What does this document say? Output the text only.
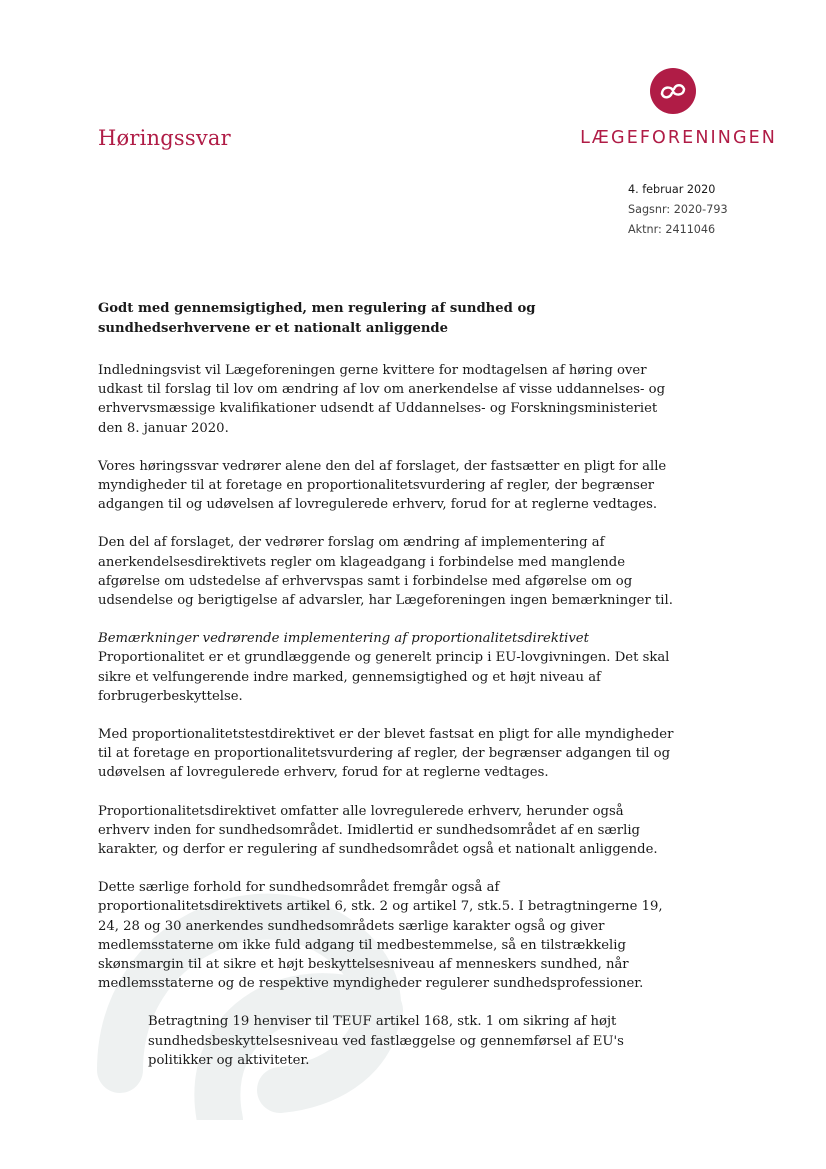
Høringssvar	LÆGEFORENINGEN
4. februar 2020
Sagsnr: 2020-793
Aktnr: 2411046
Godt med gennemsigtighed, men regulering af sundhed og sundhedserhvervene er et nationalt anliggende

Indledningsvist vil Lægeforeningen gerne kvittere for modtagelsen af høring over udkast til forslag til lov om ændring af lov om anerkendelse af visse uddannelses- og erhvervsmæssige kvalifikationer udsendt af Uddannelses- og Forskningsministeriet den 8. januar 2020.

Vores høringssvar vedrører alene den del af forslaget, der fastsætter en pligt for alle myndigheder til at foretage en proportionalitetsvurdering af regler, der begrænser adgangen til og udøvelsen af lovregulerede erhverv, forud for at reglerne vedtages.

Den del af forslaget, der vedrører forslag om ændring af implementering af anerkendelsesdirektivets regler om klageadgang i forbindelse med manglende afgørelse om udstedelse af erhvervspas samt i forbindelse med afgørelse om og udsendelse og berigtigelse af advarsler, har Lægeforeningen ingen bemærkninger til.

Bemærkninger vedrørende implementering af proportionalitetsdirektivet

Proportionalitet er et grundlæggende og generelt princip i EU-lovgivningen. Det skal sikre et velfungerende indre marked, gennemsigtighed og et højt niveau af forbrugerbeskyttelse.

Med proportionalitetstestdirektivet er der blevet fastsat en pligt for alle myndigheder til at foretage en proportionalitetsvurdering af regler, der begrænser adgangen til og udøvelsen af lovregulerede erhverv, forud for at reglerne vedtages.

Proportionalitetsdirektivet omfatter alle lovregulerede erhverv, herunder også erhverv inden for sundhedsområdet. Imidlertid er sundhedsområdet af en særlig karakter, og derfor er regulering af sundhedsområdet også et nationalt anliggende.

Dette særlige forhold for sundhedsområdet fremgår også af proportionalitetsdirektivets artikel 6, stk. 2 og artikel 7, stk.5. I betragtningerne 19, 24, 28 og 30 anerkendes sundhedsområdets særlige karakter også og giver medlemsstaterne om ikke fuld adgang til medbestemmelse, så en tilstrækkelig skønsmargin til at sikre et højt beskyttelsesniveau af menneskers sundhed, når medlemsstaterne og de respektive myndigheder regulerer sundhedsprofessioner.

Betragtning 19 henviser til TEUF artikel 168, stk. 1 om sikring af højt sundhedsbeskyttelsesniveau ved fastlæggelse og gennemførsel af EU's politikker og aktiviteter.
